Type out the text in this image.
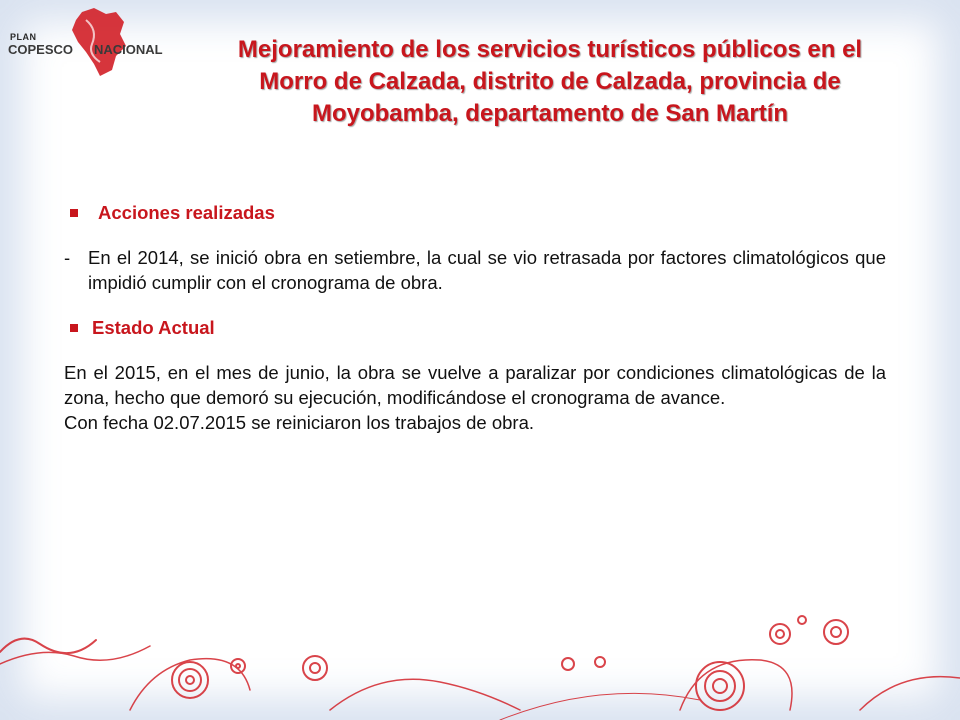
PLAN
COPESCO NACIONAL	Mejoramiento de los servicios turísticos públicos en el
Morro de Calzada, distrito de Calzada, provincia de
Moyobamba, departamento de San Martín
Acciones realizadas
- En el 2014, se inició obra en setiembre, la cual se vio retrasada por factores climatológicos que impidió cumplir con el cronograma de obra.
Estado Actual
En el 2015, en el mes de junio, la obra se vuelve a paralizar por condiciones climatológicas de la zona, hecho que demoró su ejecución, modificándose el cronograma de avance.
Con fecha 02.07.2015 se reiniciaron los trabajos de obra.
